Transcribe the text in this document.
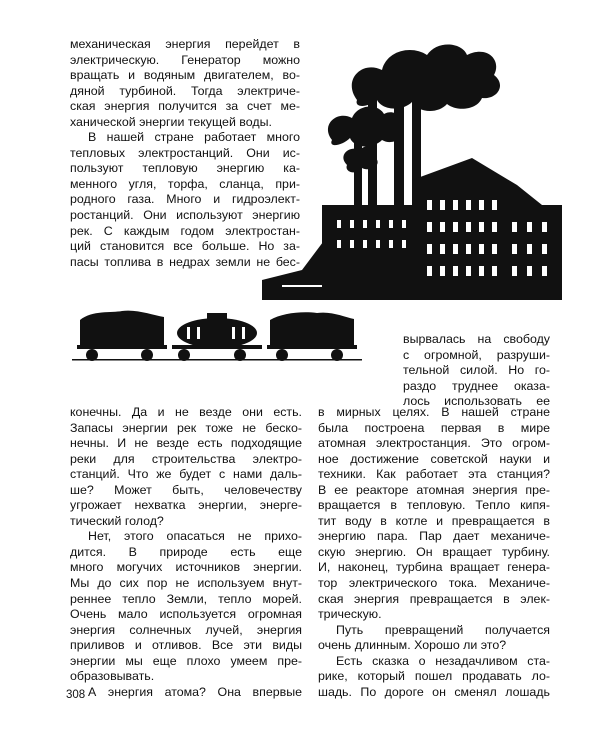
механическая энергия перейдет в
электрическую. Генератор можно
вращать и водяным двигателем, во-
дяной турбиной. Тогда электриче-
ская энергия получится за счет ме-
ханической энергии текущей воды.
В нашей стране работает много
тепловых электростанций. Они ис-
пользуют тепловую энергию ка-
менного угля, торфа, сланца, при-
родного газа. Много и гидроэлект-
ростанций. Они используют энергию
рек. С каждым годом электростан-
ций становится все больше. Но за-
пасы топлива в недрах земли не бес-
вырвалась на свободу
с огромной, разруши-
тельной силой. Но го-
раздо труднее оказа-
лось использовать ее
конечны. Да и не везде они есть.
Запасы энергии рек тоже не беско-
нечны. И не везде есть подходящие
реки для строительства электро-
станций. Что же будет с нами даль-
ше? Может быть, человечеству
угрожает нехватка энергии, энерге-
тический голод?
Нет, этого опасаться не прихо-
дится. В природе есть еще
много могучих источников энергии.
Мы до сих пор не используем внут-
реннее тепло Земли, тепло морей.
Очень мало используется огромная
энергия солнечных лучей, энергия
приливов и отливов. Все эти виды
энергии мы еще плохо умеем пре-
образовывать.
А энергия атома? Она впервые
в мирных целях. В нашей стране
была построена первая в мире
атомная электростанция. Это огром-
ное достижение советской науки и
техники. Как работает эта станция?
В ее реакторе атомная энергия пре-
вращается в тепловую. Тепло кипя-
тит воду в котле и превращается в
энергию пара. Пар дает механиче-
скую энергию. Он вращает турбину.
И, наконец, турбина вращает генера-
тор электрического тока. Механиче-
ская энергия превращается в элек-
трическую.
Путь превращений получается
очень длинным. Хорошо ли это?
Есть сказка о незадачливом ста-
рике, который пошел продавать ло-
шадь. По дороге он сменял лошадь
308
